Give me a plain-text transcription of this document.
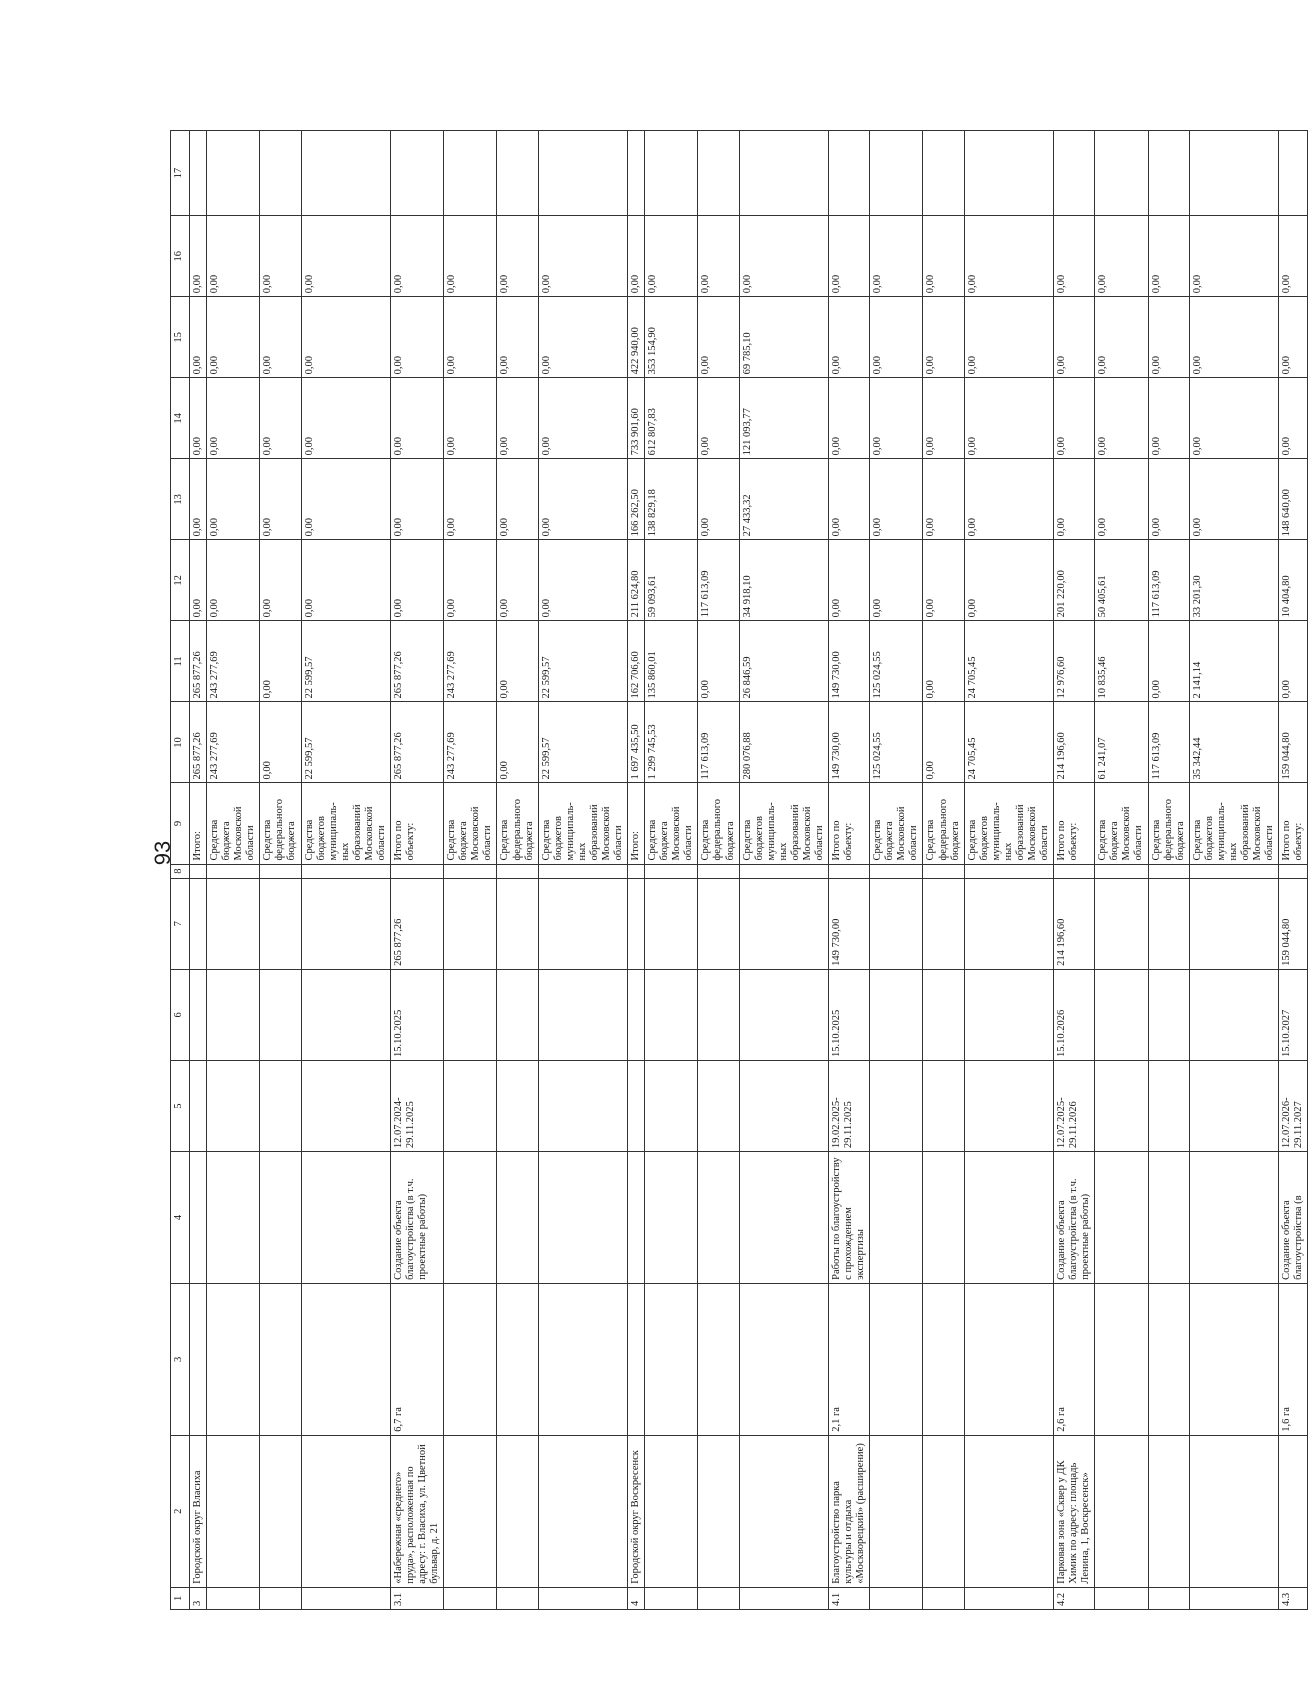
93
1	2	3	4	5	6	7	8	9	10	11	12	13	14	15	16	17
3	Городской округ Власиха							Итого:	265 877,26	265 877,26	0,00	0,00	0,00	0,00	0,00	
								Средства бюджета Московской области	243 277,69	243 277,69	0,00	0,00	0,00	0,00	0,00	
								Средства федерального бюджета	0,00	0,00	0,00	0,00	0,00	0,00	0,00	
								Средства бюджетов муниципаль-ных образований Московской области	22 599,57	22 599,57	0,00	0,00	0,00	0,00	0,00	
3.1	«Набережная «среднего» пруда», расположенная по адресу: г. Власиха, ул. Цветной бульвар, д. 21	6,7 га	Создание объекта благоустройства (в т.ч. проектные работы)	12.07.2024-29.11.2025	15.10.2025	265 877,26		Итого по объекту:	265 877,26	265 877,26	0,00	0,00	0,00	0,00	0,00	
								Средства бюджета Московской области	243 277,69	243 277,69	0,00	0,00	0,00	0,00	0,00	
								Средства федерального бюджета	0,00	0,00	0,00	0,00	0,00	0,00	0,00	
								Средства бюджетов муниципаль-ных образований Московской области	22 599,57	22 599,57	0,00	0,00	0,00	0,00	0,00	
4	Городской округ Воскресенск							Итого:	1 697 435,50	162 706,60	211 624,80	166 262,50	733 901,60	422 940,00	0,00	
								Средства бюджета Московской области	1 299 745,53	135 860,01	59 093,61	138 829,18	612 807,83	353 154,90	0,00	
								Средства федерального бюджета	117 613,09	0,00	117 613,09	0,00	0,00	0,00	0,00	
								Средства бюджетов муниципаль-ных образований Московской области	280 076,88	26 846,59	34 918,10	27 433,32	121 093,77	69 785,10	0,00	
4.1	Благоустройство парка культуры и отдыха «Москворецкий» (расширение)	2,1 га	Работы по благоустройству с прохождением экспертизы	19.02.2025-29.11.2025	15.10.2025	149 730,00		Итого по объекту:	149 730,00	149 730,00	0,00	0,00	0,00	0,00	0,00	
								Средства бюджета Московской области	125 024,55	125 024,55	0,00	0,00	0,00	0,00	0,00	
								Средства федерального бюджета	0,00	0,00	0,00	0,00	0,00	0,00	0,00	
								Средства бюджетов муниципаль-ных образований Московской области	24 705,45	24 705,45	0,00	0,00	0,00	0,00	0,00	
4.2	Парковая зона «Сквер у ДК Химик по адресу: площадь Ленина, 1, Воскресенск»	2,6 га	Создание объекта благоустройства (в т.ч. проектные работы)	12.07.2025-29.11.2026	15.10.2026	214 196,60		Итого по объекту:	214 196,60	12 976,60	201 220,00	0,00	0,00	0,00	0,00	
								Средства бюджета Московской области	61 241,07	10 835,46	50 405,61	0,00	0,00	0,00	0,00	
								Средства федерального бюджета	117 613,09	0,00	117 613,09	0,00	0,00	0,00	0,00	
								Средства бюджетов муниципаль-ных образований Московской области	35 342,44	2 141,14	33 201,30	0,00	0,00	0,00	0,00	
4.3		1,6 га	Создание объекта благоустройства (в	12.07.2026-29.11.2027	15.10.2027	159 044,80		Итого по объекту:	159 044,80	0,00	10 404,80	148 640,00	0,00	0,00	0,00	
